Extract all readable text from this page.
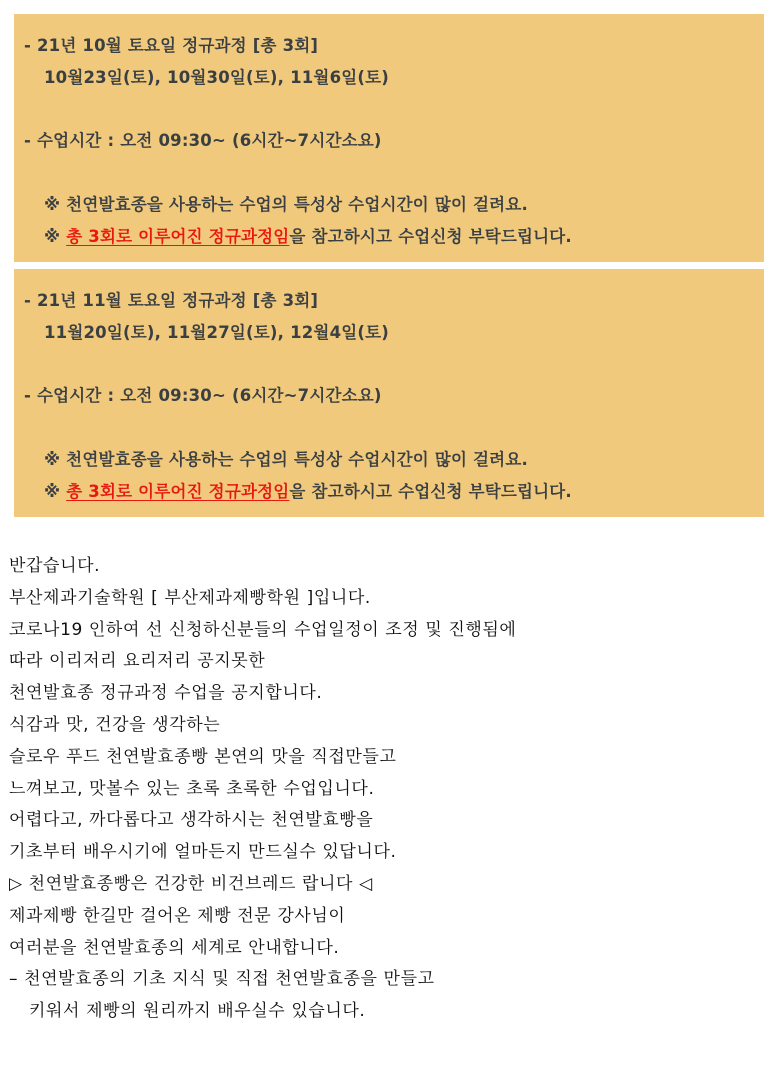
- 21년 10월 토요일 정규과정 [총 3회]
10월23일(토), 10월30일(토), 11월6일(토)
- 수업시간 : 오전 09:30~ (6시간~7시간소요)
※ 천연발효종을 사용하는 수업의 특성상 수업시간이 많이 걸려요.
※ 총 3회로 이루어진 정규과정임을 참고하시고 수업신청 부탁드립니다.
- 21년 11월 토요일 정규과정 [총 3회]
11월20일(토), 11월27일(토), 12월4일(토)
- 수업시간 : 오전 09:30~ (6시간~7시간소요)
※ 천연발효종을 사용하는 수업의 특성상 수업시간이 많이 걸려요.
※ 총 3회로 이루어진 정규과정임을 참고하시고 수업신청 부탁드립니다.
반갑습니다.
부산제과기술학원 [ 부산제과제빵학원 ]입니다.
코로나19 인하여 선 신청하신분들의 수업일정이 조정 및 진행됨에
따라 이리저리 요리저리 공지못한
천연발효종 정규과정 수업을 공지합니다.
식감과 맛, 건강을 생각하는
슬로우 푸드 천연발효종빵 본연의 맛을 직접만들고
느껴보고, 맛볼수 있는 초록 초록한 수업입니다.
어렵다고, 까다롭다고 생각하시는 천연발효빵을
기초부터 배우시기에 얼마든지 만드실수 있답니다.
▷ 천연발효종빵은 건강한 비건브레드 랍니다 ◁
제과제빵 한길만 걸어온 제빵 전문 강사님이
여러분을 천연발효종의 세계로 안내합니다.
– 천연발효종의 기초 지식 및 직접 천연발효종을 만들고
키워서 제빵의 원리까지 배우실수 있습니다.
